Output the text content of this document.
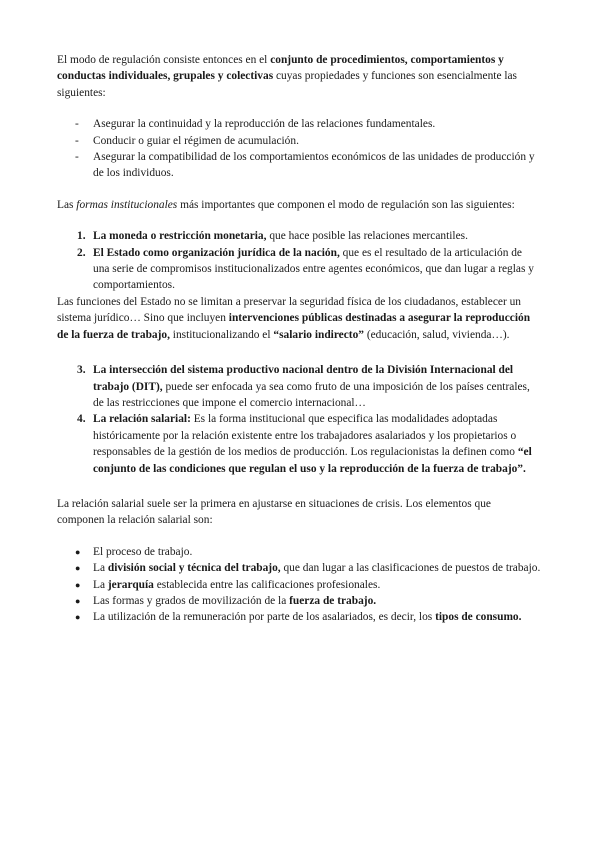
El modo de regulación consiste entonces en el conjunto de procedimientos, comportamientos y conductas individuales, grupales y colectivas cuyas propiedades y funciones son esencialmente las siguientes:

- Asegurar la continuidad y la reproducción de las relaciones fundamentales.
- Conducir o guiar el régimen de acumulación.
- Asegurar la compatibilidad de los comportamientos económicos de las unidades de producción y de los individuos.

Las formas institucionales más importantes que componen el modo de regulación son las siguientes:

1. La moneda o restricción monetaria, que hace posible las relaciones mercantiles.
2. El Estado como organización jurídica de la nación, que es el resultado de la articulación de una serie de compromisos institucionalizados entre agentes económicos, que dan lugar a reglas y comportamientos.

Las funciones del Estado no se limitan a preservar la seguridad física de los ciudadanos, establecer un sistema jurídico… Sino que incluyen intervenciones públicas destinadas a asegurar la reproducción de la fuerza de trabajo, institucionalizando el “salario indirecto” (educación, salud, vivienda…).

3. La intersección del sistema productivo nacional dentro de la División Internacional del trabajo (DIT), puede ser enfocada ya sea como fruto de una imposición de los países centrales, de las restricciones que impone el comercio internacional…
4. La relación salarial: Es la forma institucional que especifica las modalidades adoptadas históricamente por la relación existente entre los trabajadores asalariados y los propietarios o responsables de la gestión de los medios de producción. Los regulacionistas la definen como “el conjunto de las condiciones que regulan el uso y la reproducción de la fuerza de trabajo”.

La relación salarial suele ser la primera en ajustarse en situaciones de crisis. Los elementos que componen la relación salarial son:

● El proceso de trabajo.
● La división social y técnica del trabajo, que dan lugar a las clasificaciones de puestos de trabajo.
● La jerarquía establecida entre las calificaciones profesionales.
● Las formas y grados de movilización de la fuerza de trabajo.
● La utilización de la remuneración por parte de los asalariados, es decir, los tipos de consumo.
